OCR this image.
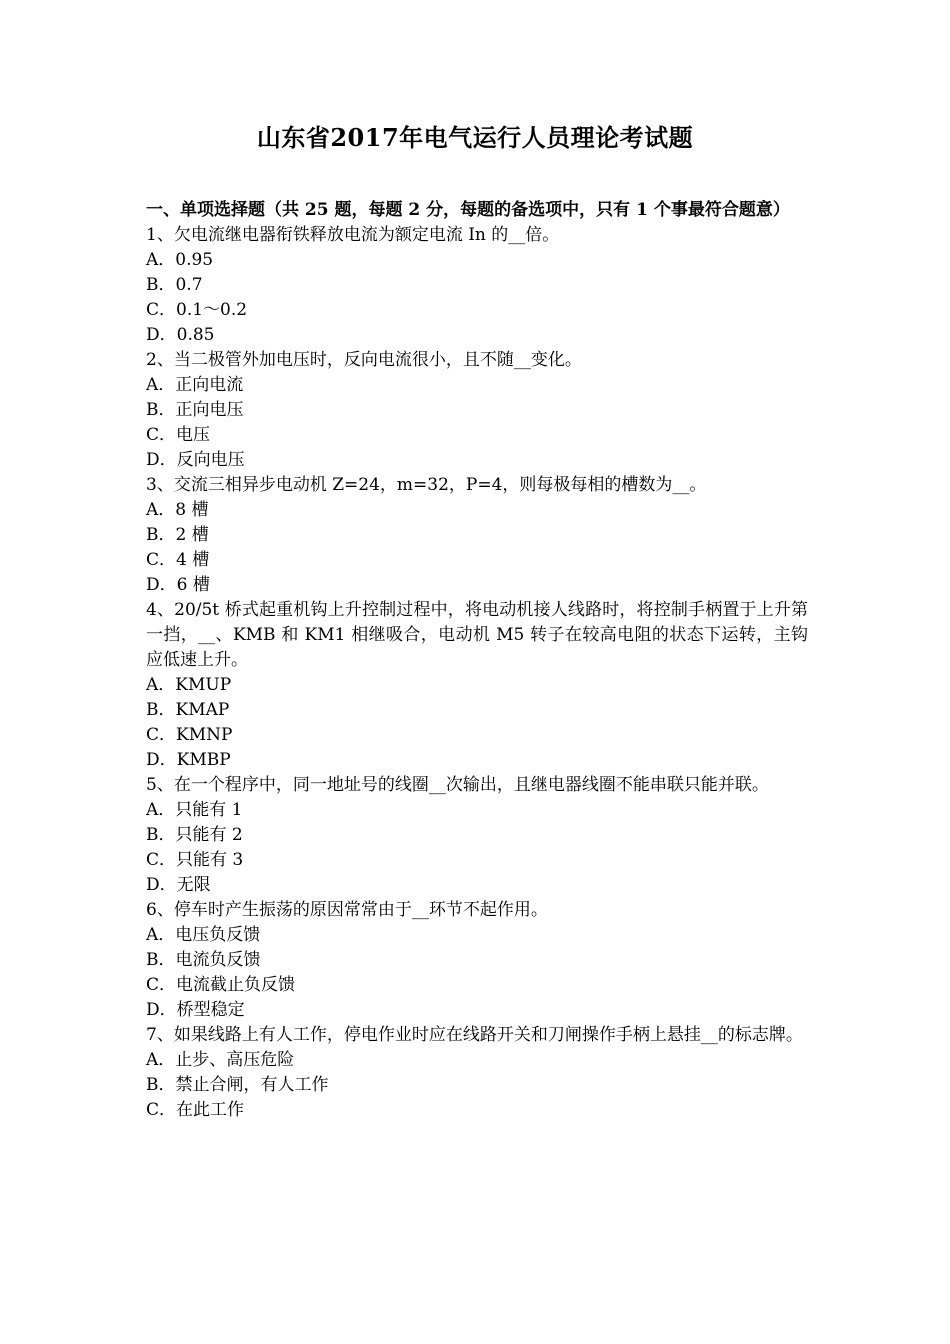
山东省2017年电气运行人员理论考试题

一、单项选择题（共 25 题，每题 2 分，每题的备选项中，只有 1 个事最符合题意）

1、欠电流继电器衔铁释放电流为额定电流 In 的__倍。

A．0.95

B．0.7

C．0.1～0.2

D．0.85

2、当二极管外加电压时，反向电流很小，且不随__变化。

A．正向电流

B．正向电压

C．电压

D．反向电压

3、交流三相异步电动机 Z=24，m=32，P=4，则每极每相的槽数为__。

A．8 槽

B．2 槽

C．4 槽

D．6 槽

4、20/5t 桥式起重机钩上升控制过程中，将电动机接人线路时，将控制手柄置于上升第一挡，__、KMB 和 KM1 相继吸合，电动机 M5 转子在较高电阻的状态下运转，主钩应低速上升。

A．KMUP

B．KMAP

C．KMNP

D．KMBP

5、在一个程序中，同一地址号的线圈__次输出，且继电器线圈不能串联只能并联。

A．只能有 1

B．只能有 2

C．只能有 3

D．无限

6、停车时产生振荡的原因常常由于__环节不起作用。

A．电压负反馈

B．电流负反馈

C．电流截止负反馈

D．桥型稳定

7、如果线路上有人工作，停电作业时应在线路开关和刀闸操作手柄上悬挂__的标志牌。

A．止步、高压危险

B．禁止合闸，有人工作

C．在此工作
